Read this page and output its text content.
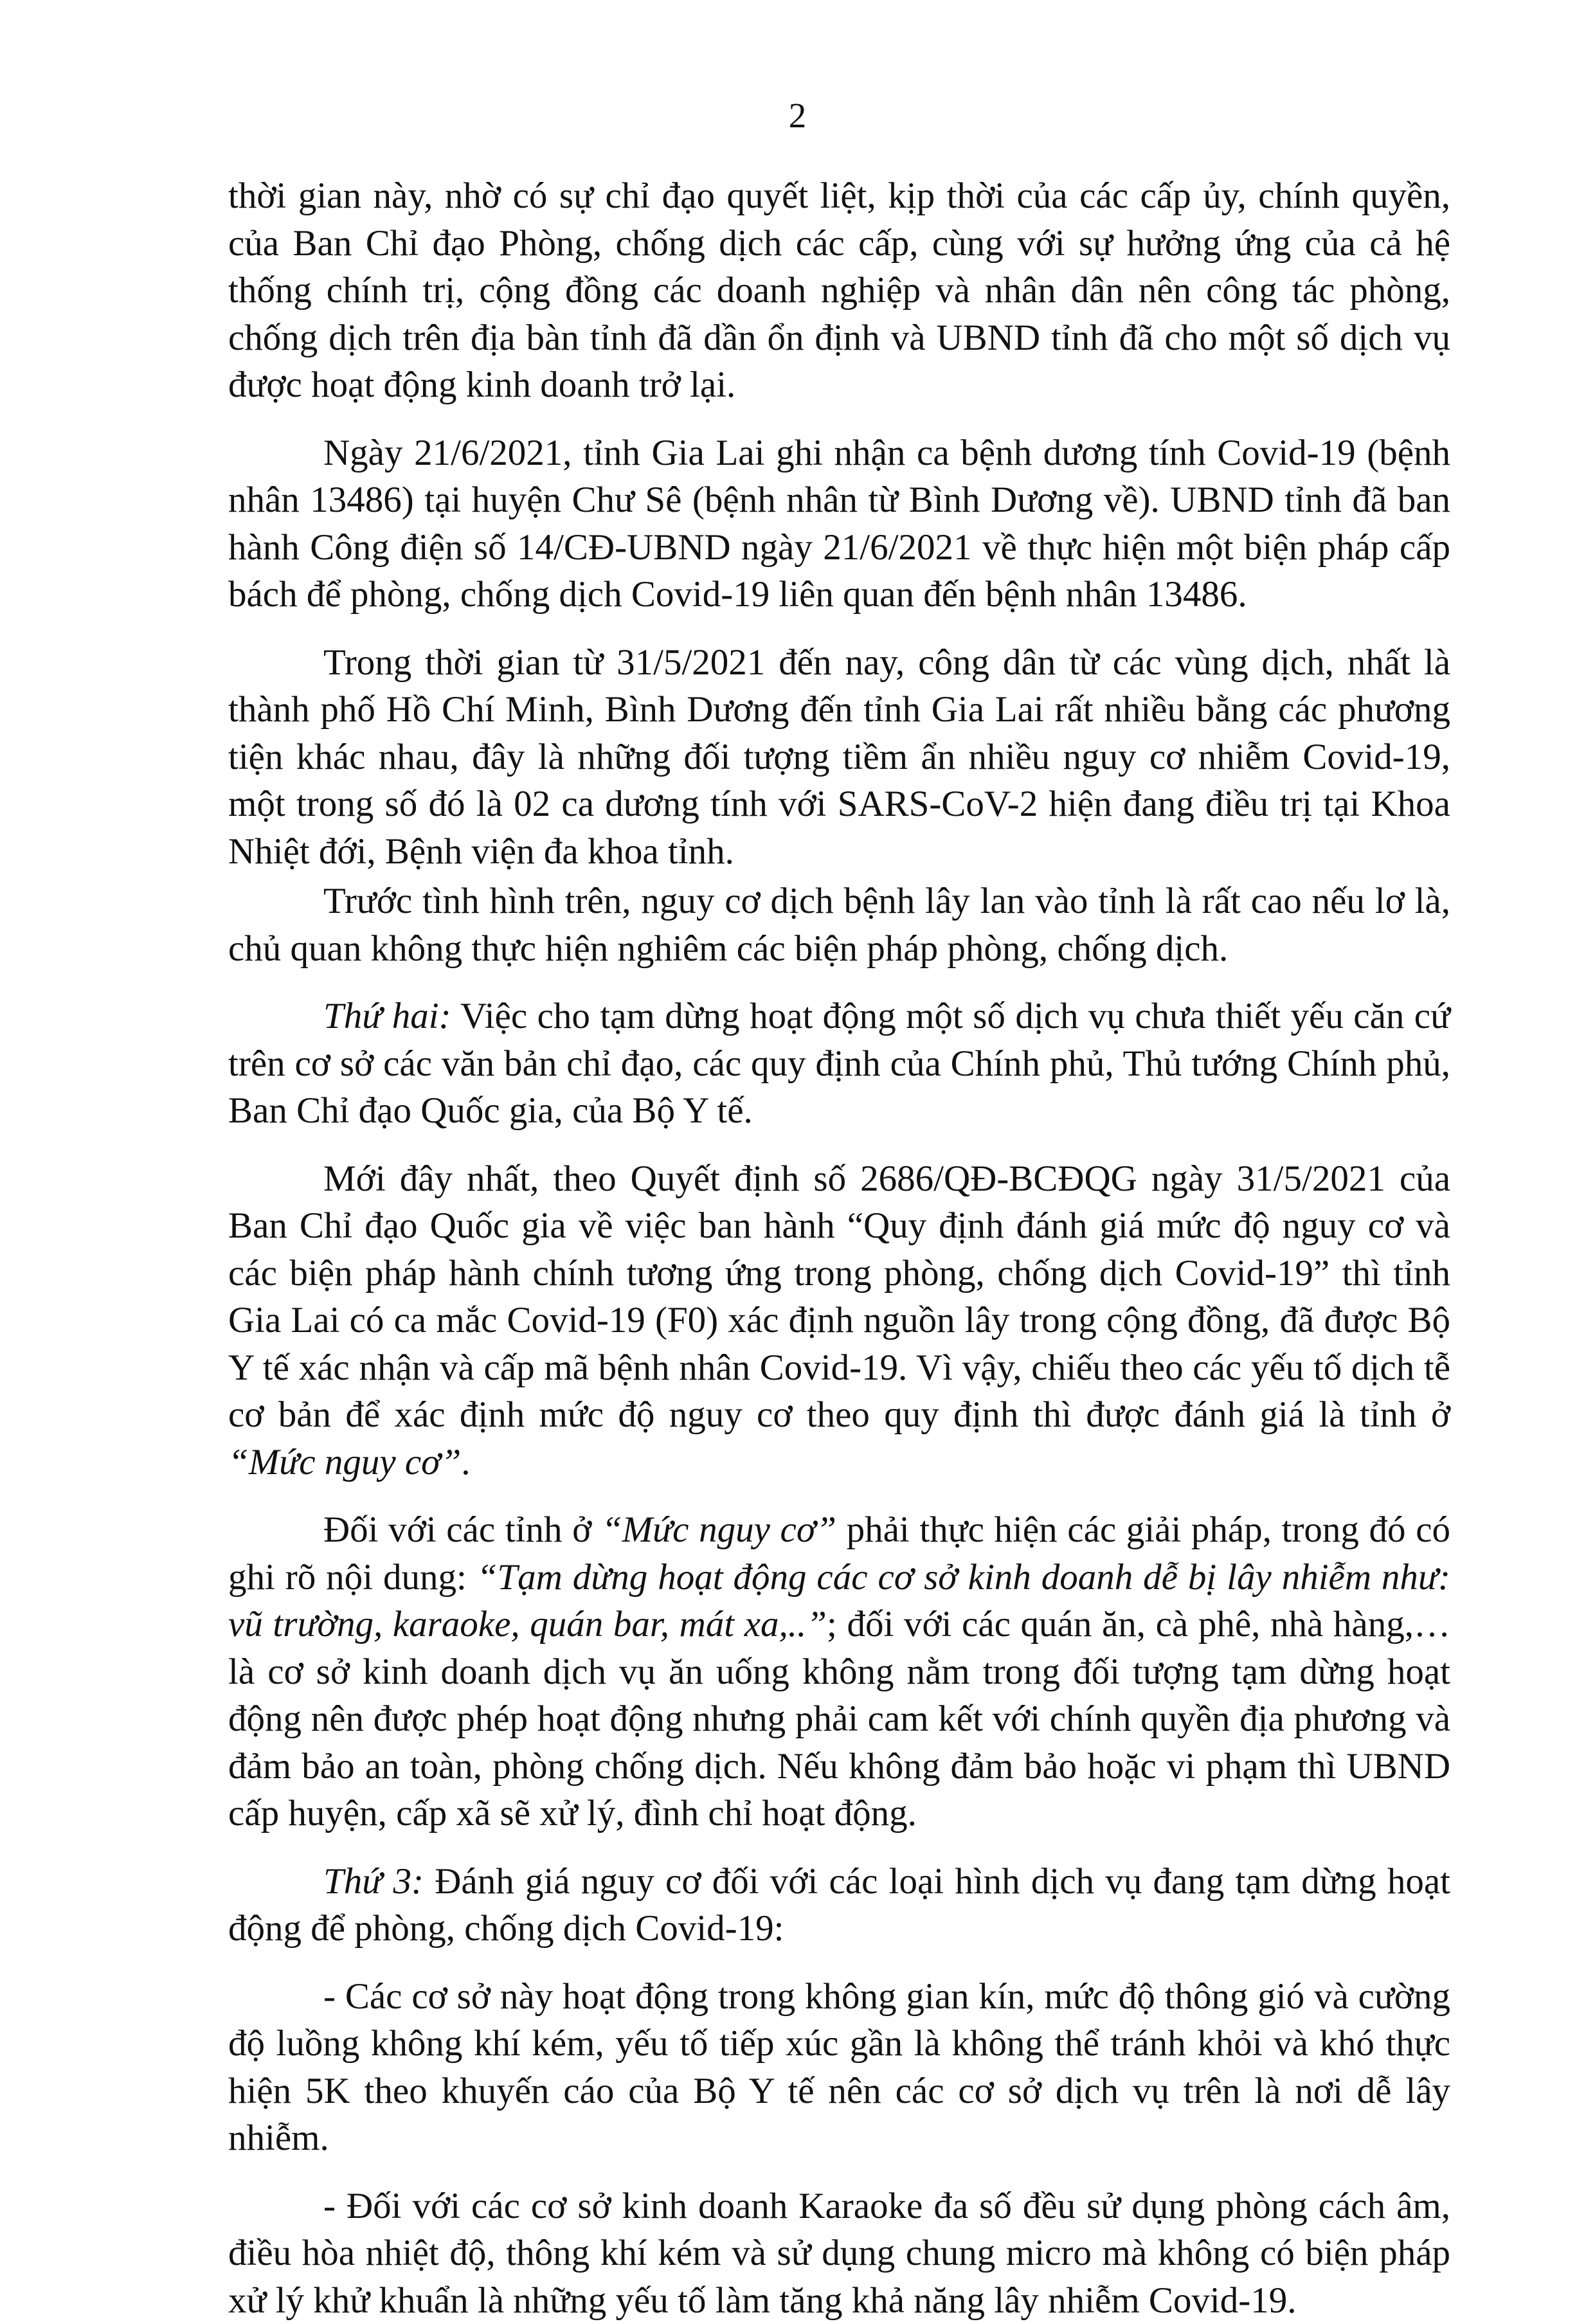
2

thời gian này, nhờ có sự chỉ đạo quyết liệt, kịp thời của các cấp ủy, chính quyền, của Ban Chỉ đạo Phòng, chống dịch các cấp, cùng với sự hưởng ứng của cả hệ thống chính trị, cộng đồng các doanh nghiệp và nhân dân nên công tác phòng, chống dịch trên địa bàn tỉnh đã dần ổn định và UBND tỉnh đã cho một số dịch vụ được hoạt động kinh doanh trở lại.

Ngày 21/6/2021, tỉnh Gia Lai ghi nhận ca bệnh dương tính Covid-19 (bệnh nhân 13486) tại huyện Chư Sê (bệnh nhân từ Bình Dương về). UBND tỉnh đã ban hành Công điện số 14/CĐ-UBND ngày 21/6/2021 về thực hiện một biện pháp cấp bách để phòng, chống dịch Covid-19 liên quan đến bệnh nhân 13486.

Trong thời gian từ 31/5/2021 đến nay, công dân từ các vùng dịch, nhất là thành phố Hồ Chí Minh, Bình Dương đến tỉnh Gia Lai rất nhiều bằng các phương tiện khác nhau, đây là những đối tượng tiềm ẩn nhiều nguy cơ nhiễm Covid-19, một trong số đó là 02 ca dương tính với SARS-CoV-2 hiện đang điều trị tại Khoa Nhiệt đới, Bệnh viện đa khoa tỉnh.

Trước tình hình trên, nguy cơ dịch bệnh lây lan vào tỉnh là rất cao nếu lơ là, chủ quan không thực hiện nghiêm các biện pháp phòng, chống dịch.

Thứ hai: Việc cho tạm dừng hoạt động một số dịch vụ chưa thiết yếu căn cứ trên cơ sở các văn bản chỉ đạo, các quy định của Chính phủ, Thủ tướng Chính phủ, Ban Chỉ đạo Quốc gia, của Bộ Y tế.

Mới đây nhất, theo Quyết định số 2686/QĐ-BCĐQG ngày 31/5/2021 của Ban Chỉ đạo Quốc gia về việc ban hành “Quy định đánh giá mức độ nguy cơ và các biện pháp hành chính tương ứng trong phòng, chống dịch Covid-19” thì tỉnh Gia Lai có ca mắc Covid-19 (F0) xác định nguồn lây trong cộng đồng, đã được Bộ Y tế xác nhận và cấp mã bệnh nhân Covid-19. Vì vậy, chiếu theo các yếu tố dịch tễ cơ bản để xác định mức độ nguy cơ theo quy định thì được đánh giá là tỉnh ở “Mức nguy cơ”.

Đối với các tỉnh ở “Mức nguy cơ” phải thực hiện các giải pháp, trong đó có ghi rõ nội dung: “Tạm dừng hoạt động các cơ sở kinh doanh dễ bị lây nhiễm như: vũ trường, karaoke, quán bar, mát xa,..”; đối với các quán ăn, cà phê, nhà hàng,… là cơ sở kinh doanh dịch vụ ăn uống không nằm trong đối tượng tạm dừng hoạt động nên được phép hoạt động nhưng phải cam kết với chính quyền địa phương và đảm bảo an toàn, phòng chống dịch. Nếu không đảm bảo hoặc vi phạm thì UBND cấp huyện, cấp xã sẽ xử lý, đình chỉ hoạt động.

Thứ 3: Đánh giá nguy cơ đối với các loại hình dịch vụ đang tạm dừng hoạt động để phòng, chống dịch Covid-19:

- Các cơ sở này hoạt động trong không gian kín, mức độ thông gió và cường độ luồng không khí kém, yếu tố tiếp xúc gần là không thể tránh khỏi và khó thực hiện 5K theo khuyến cáo của Bộ Y tế nên các cơ sở dịch vụ trên là nơi dễ lây nhiễm.

- Đối với các cơ sở kinh doanh Karaoke đa số đều sử dụng phòng cách âm, điều hòa nhiệt độ, thông khí kém và sử dụng chung micro mà không có biện pháp xử lý khử khuẩn là những yếu tố làm tăng khả năng lây nhiễm Covid-19.
